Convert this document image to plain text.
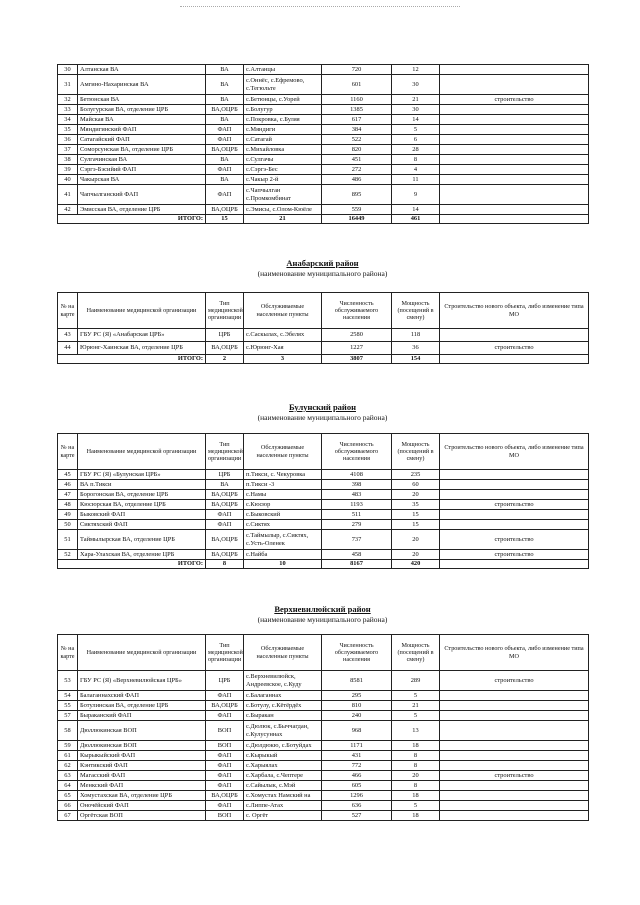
30	Алтанская ВА	ВА	с.Алтанцы	720	12	
31	Амгино-Нахаринская ВА	ВА	с.Оннёс, с.Ефремово, с.Тегюльте	601	30	
32	Бетюнская ВА	ВА	с.Бетюнцы, с.Уорей	1160	21	строительство
33	Болугурская ВА, отделение ЦРБ	ВА,ОЦРБ	с.Болугур	1385	30	
34	Майская ВА	ВА	с.Покровка, с.Буляя	617	14	
35	Мяндигинский ФАП	ФАП	с.Мяндиги	384	5	
36	Сатагайский ФАП	ФАП	с.Сатагай	522	6	
37	Соморсунская ВА, отделение ЦРБ	ВА,ОЦРБ	с.Михайловка	820	28	
38	Сулгачинская ВА	ВА	с.Сулгачы	451	8	
39	Сэргэ-Бэсийий ФАП	ФАП	с.Сэргэ-Бес	272	4	
40	Чакырская ВА	ВА	с.Чакыр 2-й	486	11	
41	Чапчылганский ФАП	ФАП	с.Чапчылган с.Промкомбинат	895	9	
42	Эмисская ВА, отделение ЦРБ	ВА,ОЦРБ	с.Эмисы, с.Олом-Кюёле	559	14	
ИТОГО:		15	21	16449	461	
Анабарский район
(наименование муниципального района)
№ на карте	Наименование медицинской организации	Тип медицинской организации	Обслуживаемые населенные пункты	Численность обслуживаемого населения	Мощность (посещений в смену)	Строительство нового объекта, либо изменение типа МО
43	ГБУ РС (Я) «Анабарская ЦРБ»	ЦРБ	с.Саскылах, с.Эбелях	2580	118	
44	Юрюнг-Хаинская ВА, отделение ЦРБ	ВА,ОЦРБ	с.Юрюнг-Хая	1227	36	строительство
ИТОГО:		2	3	3807	154	
Булунский район
(наименование муниципального района)
№ на карте	Наименование медицинской организации	Тип медицинской организации	Обслуживаемые населенные пункты	Численность обслуживаемого населения	Мощность (посещений в смену)	Строительство нового объекта, либо изменение типа МО
45	ГБУ РС (Я) «Булунская ЦРБ»	ЦРБ	п.Тикси, с. Чекуровка	4108	235	
46	ВА п.Тикси	ВА	п.Тикси -3	398	60	
47	Борогонская ВА, отделение ЦРБ	ВА,ОЦРБ	с.Намы	483	20	
48	Кюсюрская ВА, отделение ЦРБ	ВА,ОЦРБ	с.Кюсюр	1193	35	строительство
49	Быковский ФАП	ФАП	с.Быковский	511	15	
50	Сиктяхский ФАП	ФАП	с.Сиктях	279	15	
51	Таймылырская ВА, отделение ЦРБ	ВА,ОЦРБ	с.Таймылыр, с.Сиктях, с.Усть-Оленек	737	20	строительство
52	Хара-Улахская ВА, отделение ЦРБ	ВА,ОЦРБ	с.Найба	458	20	строительство
ИТОГО:		8	10	8167	420	
Верхневилюйский район
(наименование муниципального района)
№ на карте	Наименование медицинской организации	Тип медицинской организации	Обслуживаемые населенные пункты	Численность обслуживаемого населения	Мощность (посещений в смену)	Строительство нового объекта, либо изменение типа МО
53	ГБУ РС (Я) «Верхневилюйская ЦРБ»	ЦРБ	с.Верхневилюйск, Андреевское, с.Куду	8581	289	строительство
54	Балаганнахский ФАП	ФАП	с.Балаганнах	295	5	
55	Ботулинская ВА, отделение ЦРБ	ВА,ОЦРБ	с.Ботулу, с.Кётёрдёх	810	21	
57	Быраканский ФАП	ФАП	с.Быракан	240	5	
58	Дюллюкинская ВОП	ВОП	с.Дюлюк, с.Быччагдан, с.Кулусуннах	968	13	
59	Дюллюкинская ВОП	ВОП	с.Дюлдюкю, с.Ботуйдах	1171	18	
61	Кырыкыйский ФАП	ФАП	с.Кырыкый	431	8	
62	Кэнтикский ФАП	ФАП	с.Харыялах	772	8	
63	Магасский ФАП	ФАП	с.Харбала, с.Чептере	466	20	строительство
64	Meнкский ФАП	ФАП	с.Сайылык, с.Мэй	605	8	
65	Хомустахская ВА, отделение ЦРБ	ВА,ОЦРБ	с.Хомустах Намский на	1296	18	
66	Оночёйский ФАП	ФАП	с.Липпе-Атах	636	5	
67	Оргётская ВОП	ВОП	с. Оргёт	527	18	
